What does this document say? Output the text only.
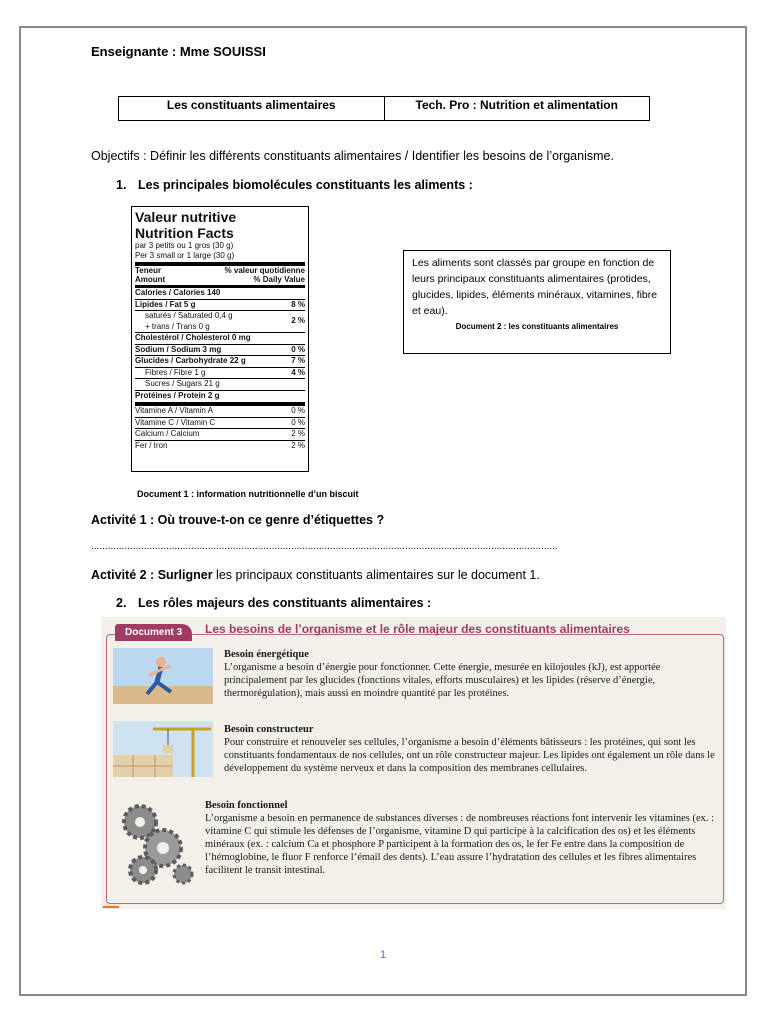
Enseignante : Mme SOUISSI
Les constituants alimentaires	Tech. Pro : Nutrition et alimentation
Objectifs : Définir les différents constituants alimentaires / Identifier les besoins de l’organisme.
1. Les principales biomolécules constituants les aliments :
Valeur nutritive
Nutrition Facts
par 3 petits ou 1 gros (30 g)
Per 3 small or 1 large (30 g)
Teneur	% valeur quotidienne
Amount	% Daily Value
Calories / Calories 140
Lipides / Fat 5 g	8 %
saturés / Saturated 0,4 g
+ trans / Trans 0 g
2 %
Cholestérol / Cholesterol 0 mg
Sodium / Sodium 3 mg	0 %
Glucides / Carbohydrate 22 g	7 %
Fibres / Fibre 1 g	4 %
Sucres / Sugars 21 g
Protéines / Protein 2 g
Vitamine A / Vitamin A	0 %
Vitamine C / Vitamin C	0 %
Calcium / Calcium	2 %
Fer / Iron	2 %
Document 1 : information nutritionnelle d’un biscuit
Les aliments sont classés par groupe en fonction de leurs principaux constituants alimentaires (protides, glucides, lipides, éléments minéraux, vitamines, fibre et eau).
Document 2 : les constituants alimentaires
Activité 1 : Où trouve-t-on ce genre d’étiquettes ?
........................................................................................................................................................................
Activité 2 : Surligner les principaux constituants alimentaires sur le document 1.
2. Les rôles majeurs des constituants alimentaires :
Document 3	Les besoins de l’organisme et le rôle majeur des constituants alimentaires
Besoin énergétique
L’organisme a besoin d’énergie pour fonctionner. Cette énergie, mesurée en kilojoules (kJ), est apportée principalement par les glucides (fonctions vitales, efforts musculaires) et les lipides (réserve d’énergie, thermorégulation), mais aussi en moindre quantité par les protéines.
Besoin constructeur
Pour construire et renouveler ses cellules, l’organisme a besoin d’éléments bâtisseurs : les protéines, qui sont les constituants fondamentaux de nos cellules, ont un rôle constructeur majeur. Les lipides ont également un rôle dans le développement du système nerveux et dans la composition des membranes cellulaires.
Besoin fonctionnel
L’organisme a besoin en permanence de substances diverses : de nombreuses réactions font intervenir les vitamines (ex. : vitamine C qui stimule les défenses de l’organisme, vitamine D qui participe à la calcification des os) et les éléments minéraux (ex. : calcium Ca et phosphore P participent à la formation des os, le fer Fe entre dans la composition de l’hémoglobine, le fluor F renforce l’émail des dents). L’eau assure l’hydratation des cellules et les fibres alimentaires facilitent le transit intestinal.
1
